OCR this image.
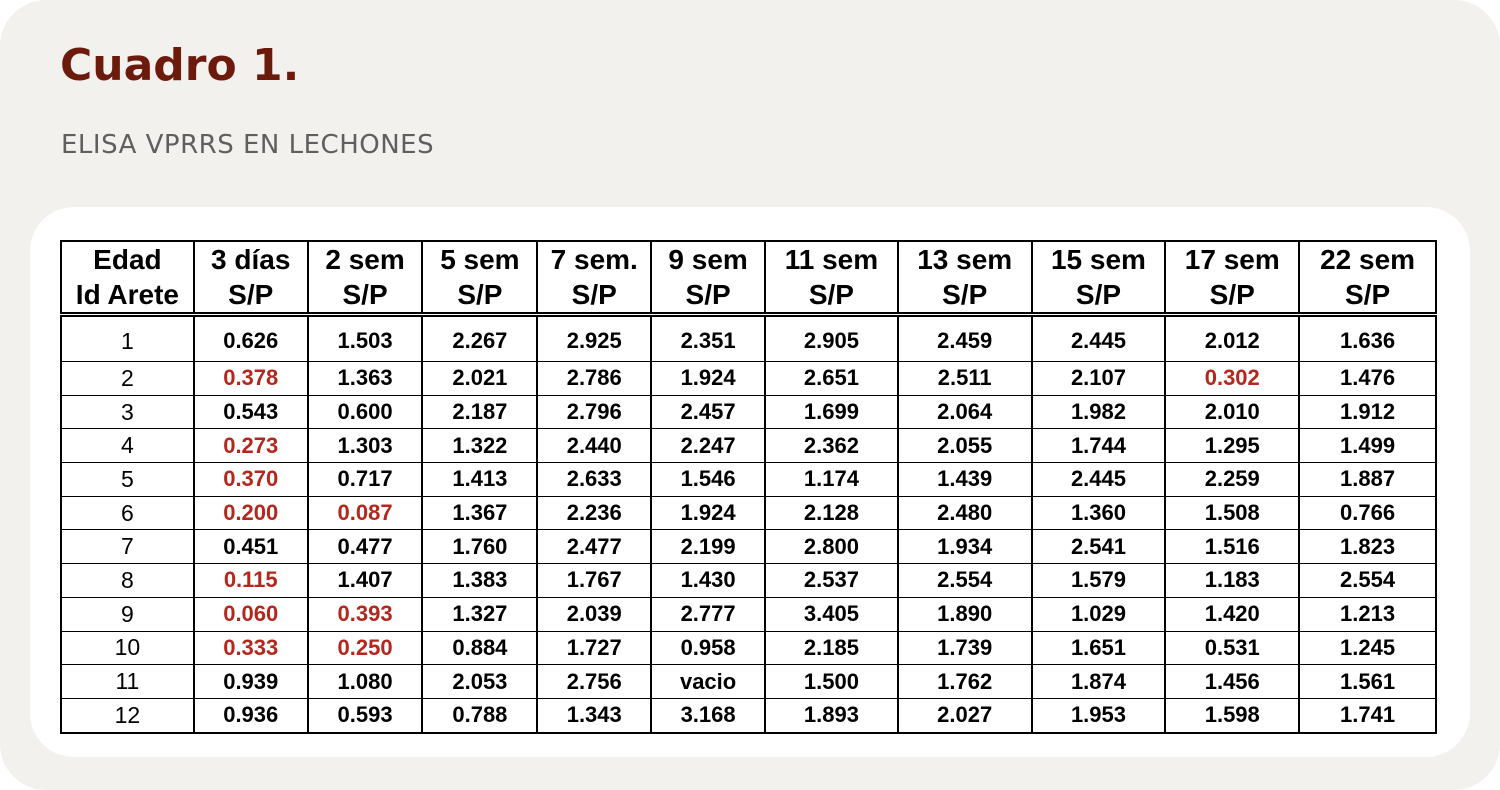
Cuadro 1.
ELISA VPRRS EN LECHONES
Edad	3 días	2 sem	5 sem	7 sem.	9 sem	11 sem	13 sem	15 sem	17 sem	22 sem
Id Arete	S/P	S/P	S/P	S/P	S/P	S/P	S/P	S/P	S/P	S/P
1	0.626	1.503	2.267	2.925	2.351	2.905	2.459	2.445	2.012	1.636
2	0.378	1.363	2.021	2.786	1.924	2.651	2.511	2.107	0.302	1.476
3	0.543	0.600	2.187	2.796	2.457	1.699	2.064	1.982	2.010	1.912
4	0.273	1.303	1.322	2.440	2.247	2.362	2.055	1.744	1.295	1.499
5	0.370	0.717	1.413	2.633	1.546	1.174	1.439	2.445	2.259	1.887
6	0.200	0.087	1.367	2.236	1.924	2.128	2.480	1.360	1.508	0.766
7	0.451	0.477	1.760	2.477	2.199	2.800	1.934	2.541	1.516	1.823
8	0.115	1.407	1.383	1.767	1.430	2.537	2.554	1.579	1.183	2.554
9	0.060	0.393	1.327	2.039	2.777	3.405	1.890	1.029	1.420	1.213
10	0.333	0.250	0.884	1.727	0.958	2.185	1.739	1.651	0.531	1.245
11	0.939	1.080	2.053	2.756	vacio	1.500	1.762	1.874	1.456	1.561
12	0.936	0.593	0.788	1.343	3.168	1.893	2.027	1.953	1.598	1.741
